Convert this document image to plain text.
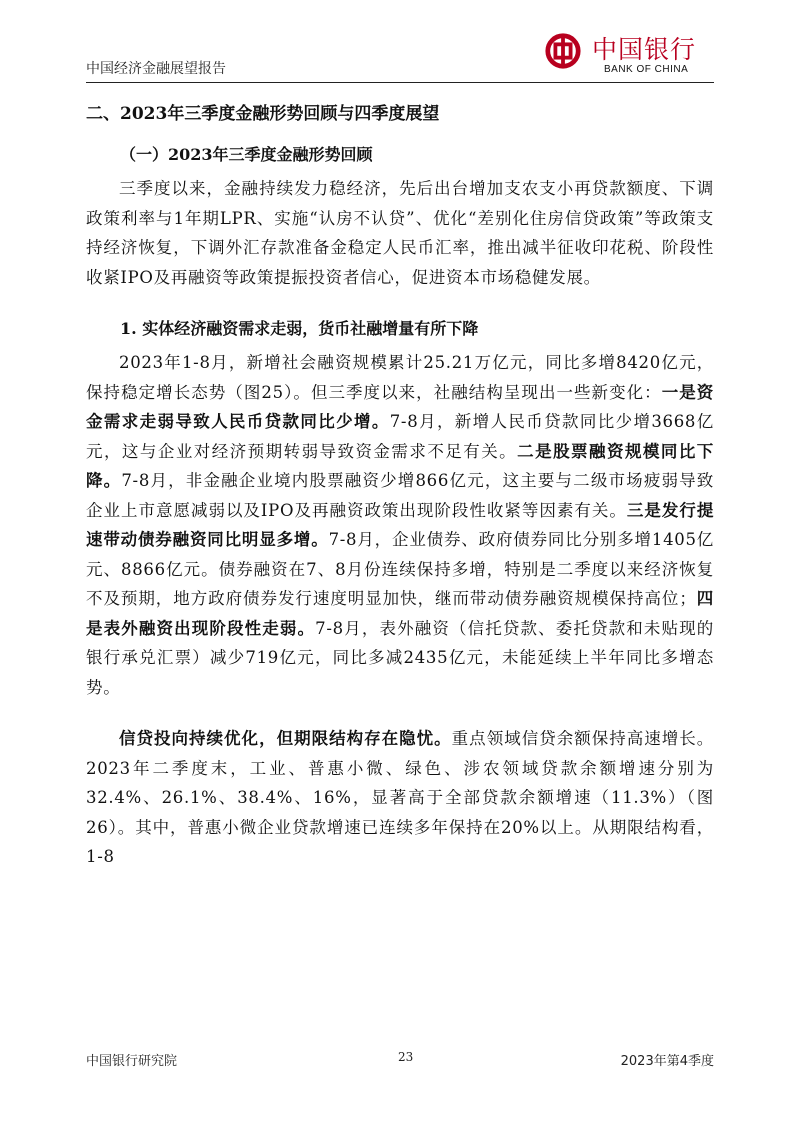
中国经济金融展望报告
中国银行
BANK OF CHINA

二、2023年三季度金融形势回顾与四季度展望

（一）2023年三季度金融形势回顾

三季度以来，金融持续发力稳经济，先后出台增加支农支小再贷款额度、下调政策利率与1年期LPR、实施“认房不认贷”、优化“差别化住房信贷政策”等政策支持经济恢复，下调外汇存款准备金稳定人民币汇率，推出减半征收印花税、阶段性收紧IPO及再融资等政策提振投资者信心，促进资本市场稳健发展。

1. 实体经济融资需求走弱，货币社融增量有所下降

2023年1-8月，新增社会融资规模累计25.21万亿元，同比多增8420亿元，保持稳定增长态势（图25）。但三季度以来，社融结构呈现出一些新变化：一是资金需求走弱导致人民币贷款同比少增。7-8月，新增人民币贷款同比少增3668亿元，这与企业对经济预期转弱导致资金需求不足有关。二是股票融资规模同比下降。7-8月，非金融企业境内股票融资少增866亿元，这主要与二级市场疲弱导致企业上市意愿减弱以及IPO及再融资政策出现阶段性收紧等因素有关。三是发行提速带动债券融资同比明显多增。7-8月，企业债券、政府债券同比分别多增1405亿元、8866亿元。债券融资在7、8月份连续保持多增，特别是二季度以来经济恢复不及预期，地方政府债券发行速度明显加快，继而带动债券融资规模保持高位；四是表外融资出现阶段性走弱。7-8月，表外融资（信托贷款、委托贷款和未贴现的银行承兑汇票）减少719亿元，同比多减2435亿元，未能延续上半年同比多增态势。

信贷投向持续优化，但期限结构存在隐忧。重点领域信贷余额保持高速增长。2023年二季度末，工业、普惠小微、绿色、涉农领域贷款余额增速分别为32.4%、26.1%、38.4%、16%，显著高于全部贷款余额增速（11.3%）（图26）。其中，普惠小微企业贷款增速已连续多年保持在20%以上。从期限结构看，1-8

中国银行研究院	23	2023年第4季度
